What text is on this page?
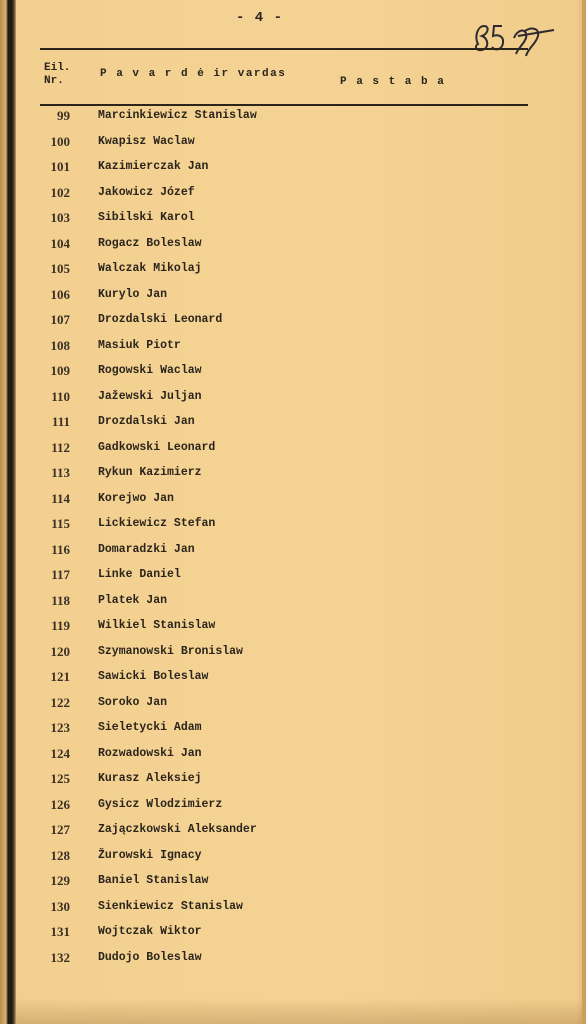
- 4 -
Eil.
Nr.
P a v a r d ė ir vardas
P a s t a b a
99 Marcinkiewicz Stanislaw
100 Kwapisz Waclaw
101 Kazimierczak Jan
102 Jakowicz Józef
103 Sibilski Karol
104 Rogacz Boleslaw
105 Walczak Mikolaj
106 Kurylo Jan
107 Drozdalski Leonard
108 Masiuk Piotr
109 Rogowski Waclaw
110 Jažewski Juljan
111 Drozdalski Jan
112 Gadkowski Leonard
113 Rykun Kazimierz
114 Korejwo Jan
115 Lickiewicz Stefan
116 Domaradzki Jan
117 Linke Daniel
118 Platek Jan
119 Wilkiel Stanislaw
120 Szymanowski Bronislaw
121 Sawicki Boleslaw
122 Soroko Jan
123 Sieletycki Adam
124 Rozwadowski Jan
125 Kurasz Aleksiej
126 Gysicz Wlodzimierz
127 Zajączkowski Aleksander
128 Žurowski Ignacy
129 Baniel Stanislaw
130 Sienkiewicz Stanislaw
131 Wojtczak Wiktor
132 Dudojo Boleslaw
